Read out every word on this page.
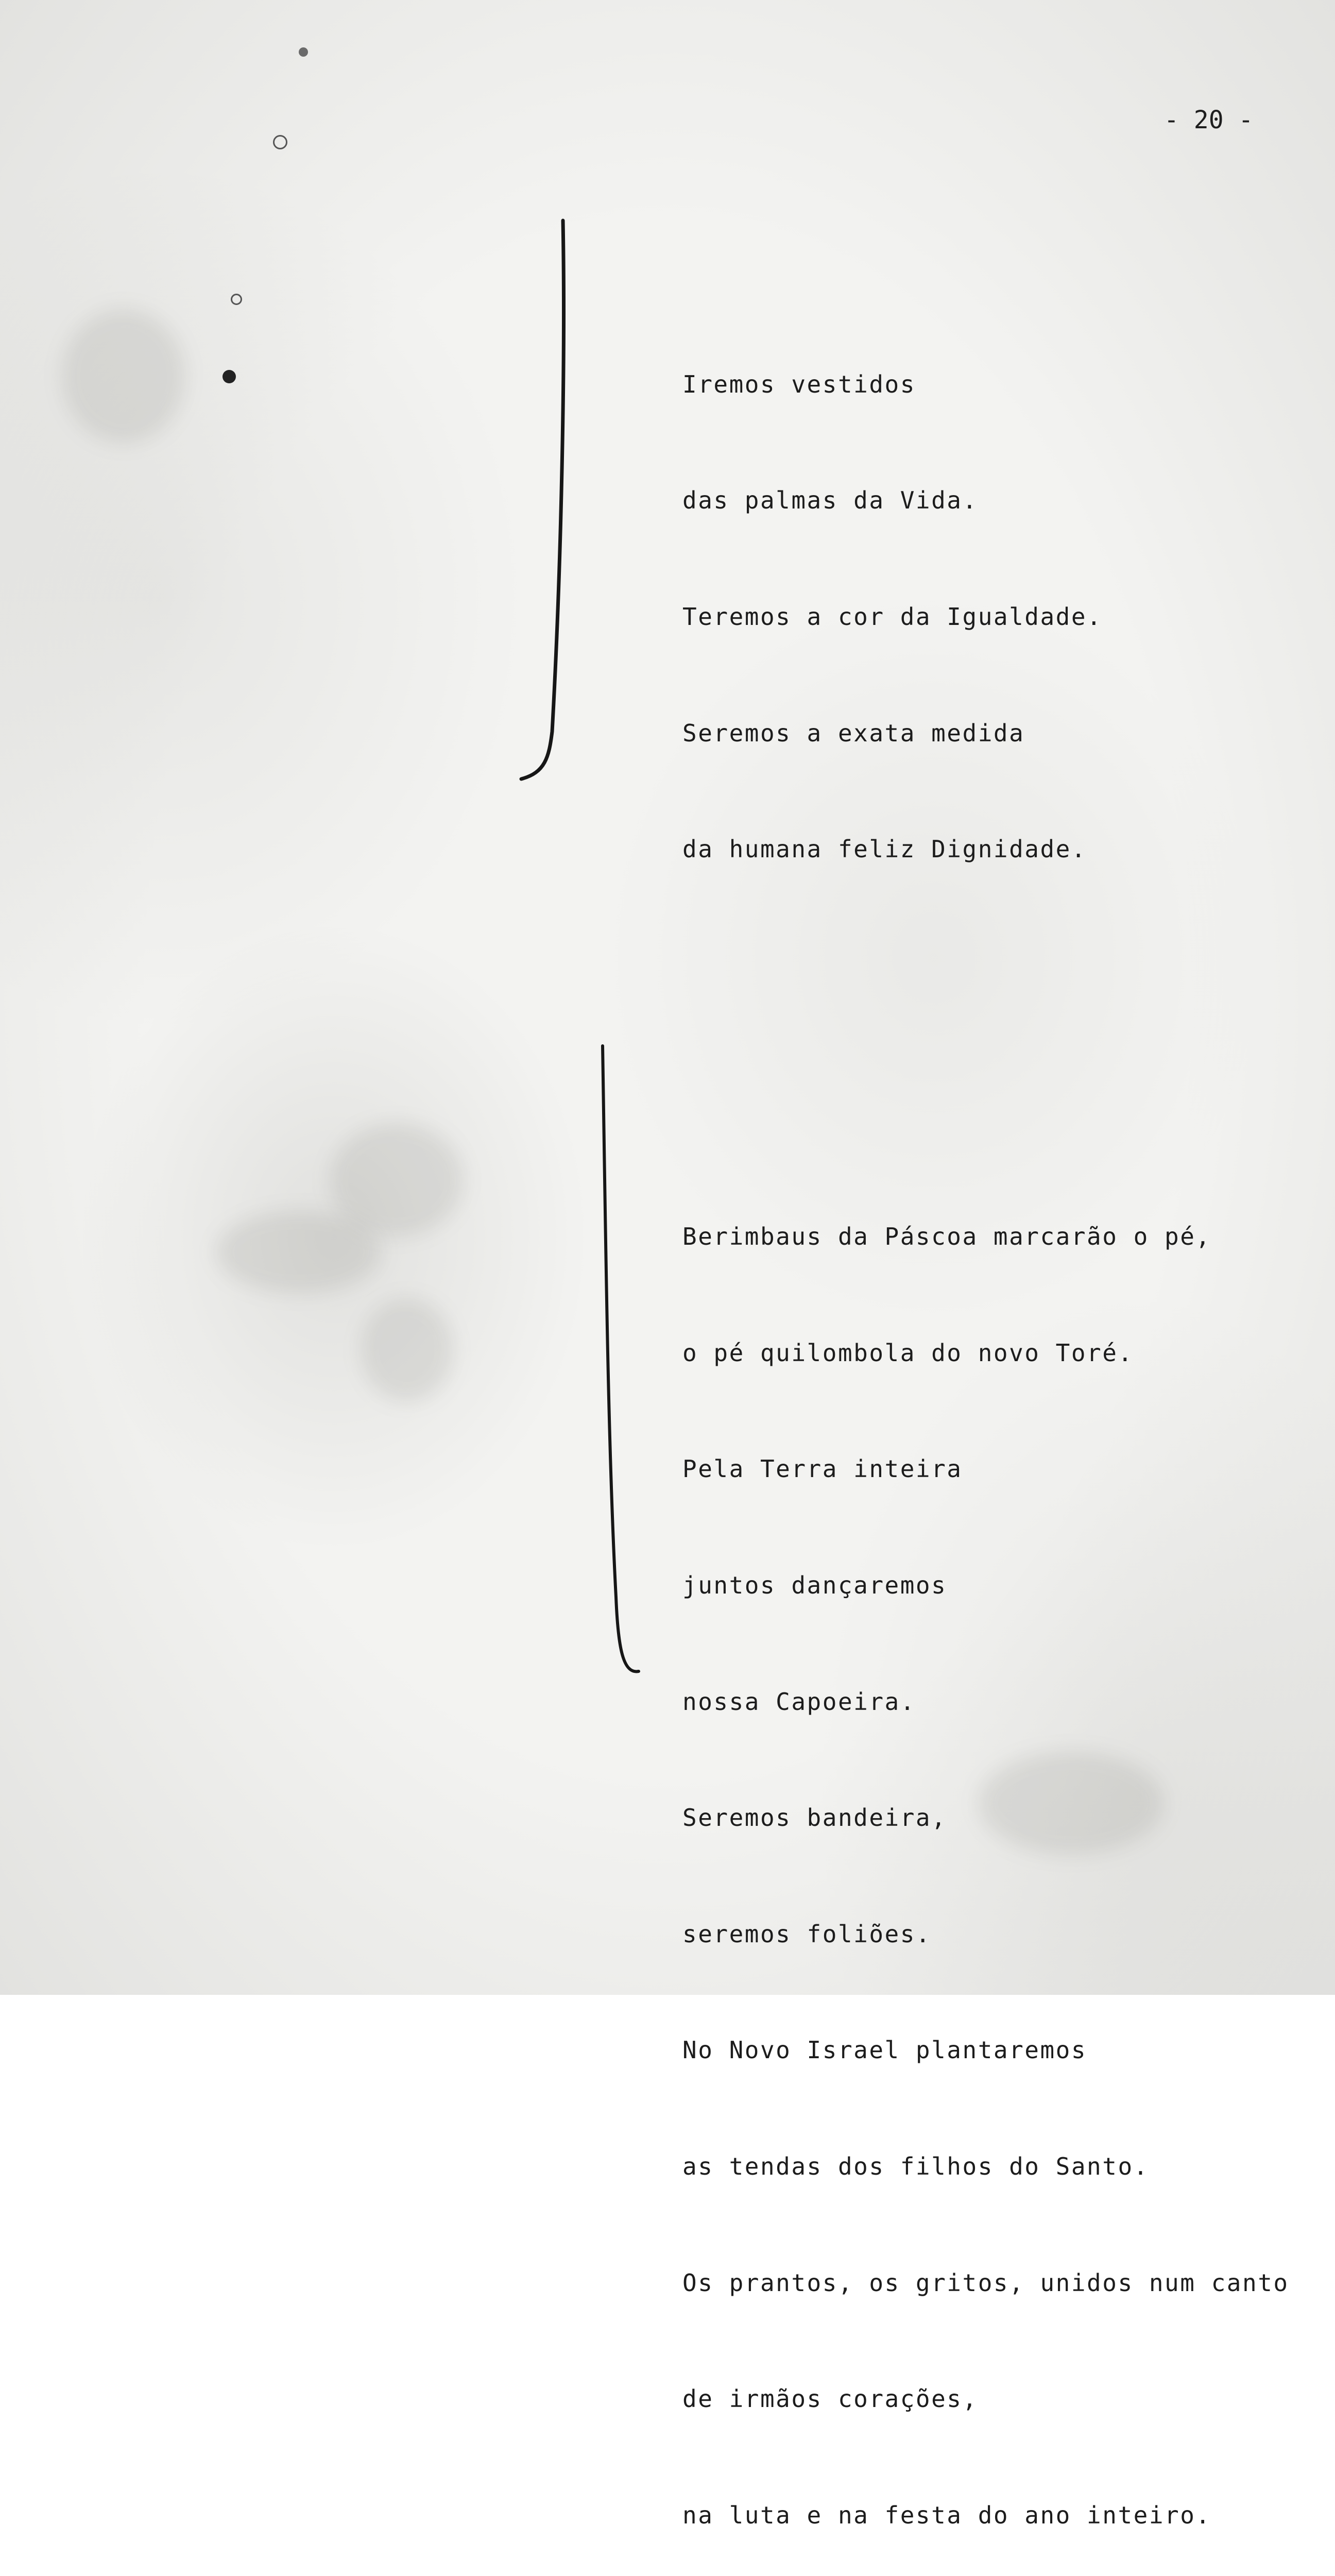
- 20 -

Iremos vestidos

das palmas da Vida.

Teremos a cor da Igualdade.

Seremos a exata medida

da humana feliz Dignidade.

Berimbaus da Páscoa marcarão o pé,

o pé quilombola do novo Toré.

Pela Terra inteira

juntos dançaremos

nossa Capoeira.

Seremos bandeira,

seremos foliões.

No Novo Israel plantaremos

as tendas dos filhos do Santo.

Os prantos, os gritos, unidos num canto

de irmãos corações,

na luta e na festa do ano inteiro.
